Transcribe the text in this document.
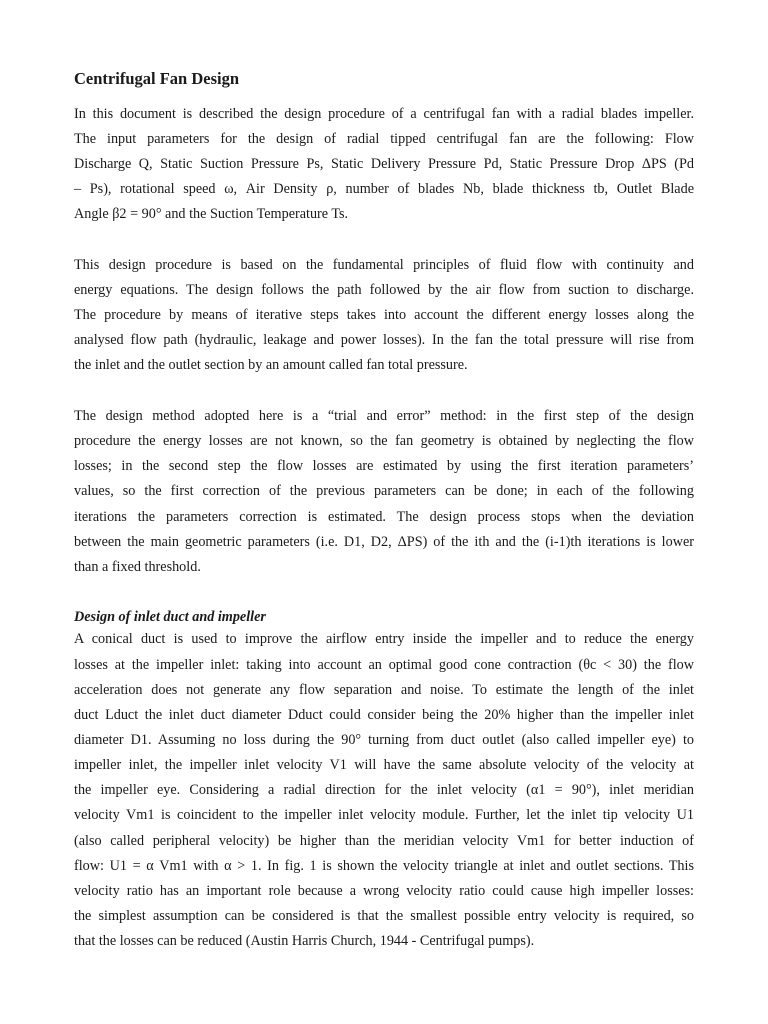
Centrifugal Fan Design
In this document is described the design procedure of a centrifugal fan with a radial blades impeller.
The input parameters for the design of radial tipped centrifugal fan are the following: Flow
Discharge Q, Static Suction Pressure Ps, Static Delivery Pressure Pd, Static Pressure Drop ΔPS (Pd
– Ps), rotational speed ω, Air Density ρ, number of blades Nb, blade thickness tb, Outlet Blade
Angle β2 = 90° and the Suction Temperature Ts.
This design procedure is based on the fundamental principles of fluid flow with continuity and
energy equations. The design follows the path followed by the air flow from suction to discharge.
The procedure by means of iterative steps takes into account the different energy losses along the
analysed flow path (hydraulic, leakage and power losses). In the fan the total pressure will rise from
the inlet and the outlet section by an amount called fan total pressure.
The design method adopted here is a “trial and error” method: in the first step of the design
procedure the energy losses are not known, so the fan geometry is obtained by neglecting the flow
losses; in the second step the flow losses are estimated by using the first iteration parameters’
values, so the first correction of the previous parameters can be done; in each of the following
iterations the parameters correction is estimated. The design process stops when the deviation
between the main geometric parameters (i.e. D1, D2, ΔPS) of the ith and the (i-1)th iterations is lower
than a fixed threshold.
Design of inlet duct and impeller
A conical duct is used to improve the airflow entry inside the impeller and to reduce the energy
losses at the impeller inlet: taking into account an optimal good cone contraction (θc < 30) the flow
acceleration does not generate any flow separation and noise. To estimate the length of the inlet
duct Lduct the inlet duct diameter Dduct could consider being the 20% higher than the impeller inlet
diameter D1. Assuming no loss during the 90° turning from duct outlet (also called impeller eye) to
impeller inlet, the impeller inlet velocity V1 will have the same absolute velocity of the velocity at
the impeller eye. Considering a radial direction for the inlet velocity (α1 = 90°), inlet meridian
velocity Vm1 is coincident to the impeller inlet velocity module. Further, let the inlet tip velocity U1
(also called peripheral velocity) be higher than the meridian velocity Vm1 for better induction of
flow: U1 = α Vm1 with α > 1. In fig. 1 is shown the velocity triangle at inlet and outlet sections. This
velocity ratio has an important role because a wrong velocity ratio could cause high impeller losses:
the simplest assumption can be considered is that the smallest possible entry velocity is required, so
that the losses can be reduced (Austin Harris Church, 1944 - Centrifugal pumps).
